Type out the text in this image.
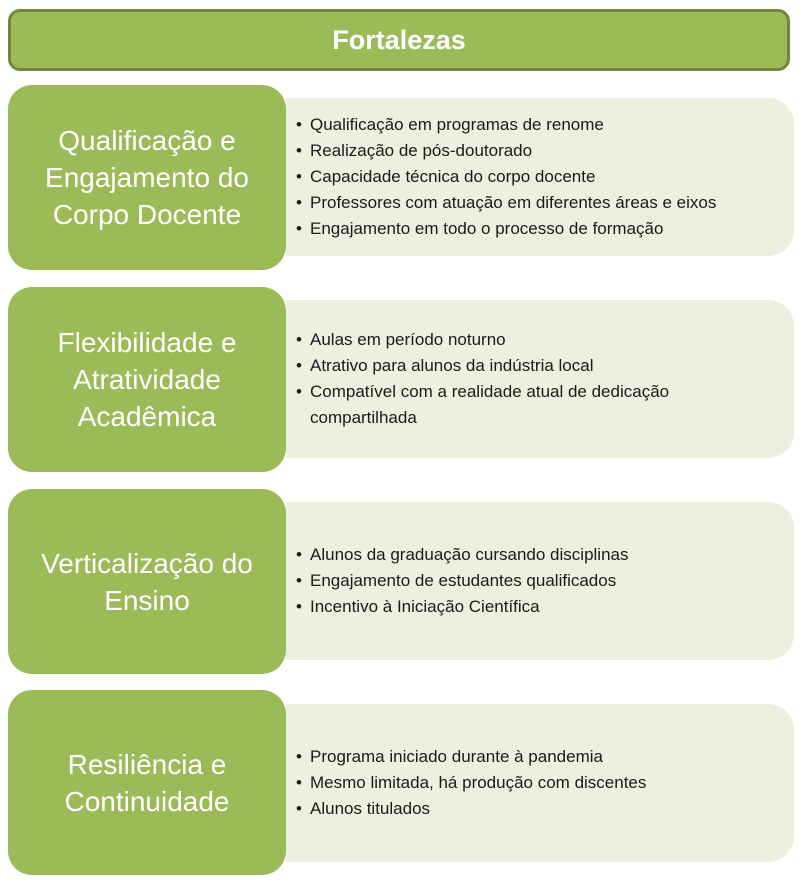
Fortalezas
Qualificação e Engajamento do Corpo Docente
• Qualificação em programas de renome
• Realização de pós-doutorado
• Capacidade técnica do corpo docente
• Professores com atuação em diferentes áreas e eixos
• Engajamento em todo o processo de formação
Flexibilidade e Atratividade Acadêmica
• Aulas em período noturno
• Atrativo para alunos da indústria local
• Compatível com a realidade atual de dedicação compartilhada
Verticalização do Ensino
• Alunos da graduação cursando disciplinas
• Engajamento de estudantes qualificados
• Incentivo à Iniciação Científica
Resiliência e Continuidade
• Programa iniciado durante à pandemia
• Mesmo limitada, há produção com discentes
• Alunos titulados
